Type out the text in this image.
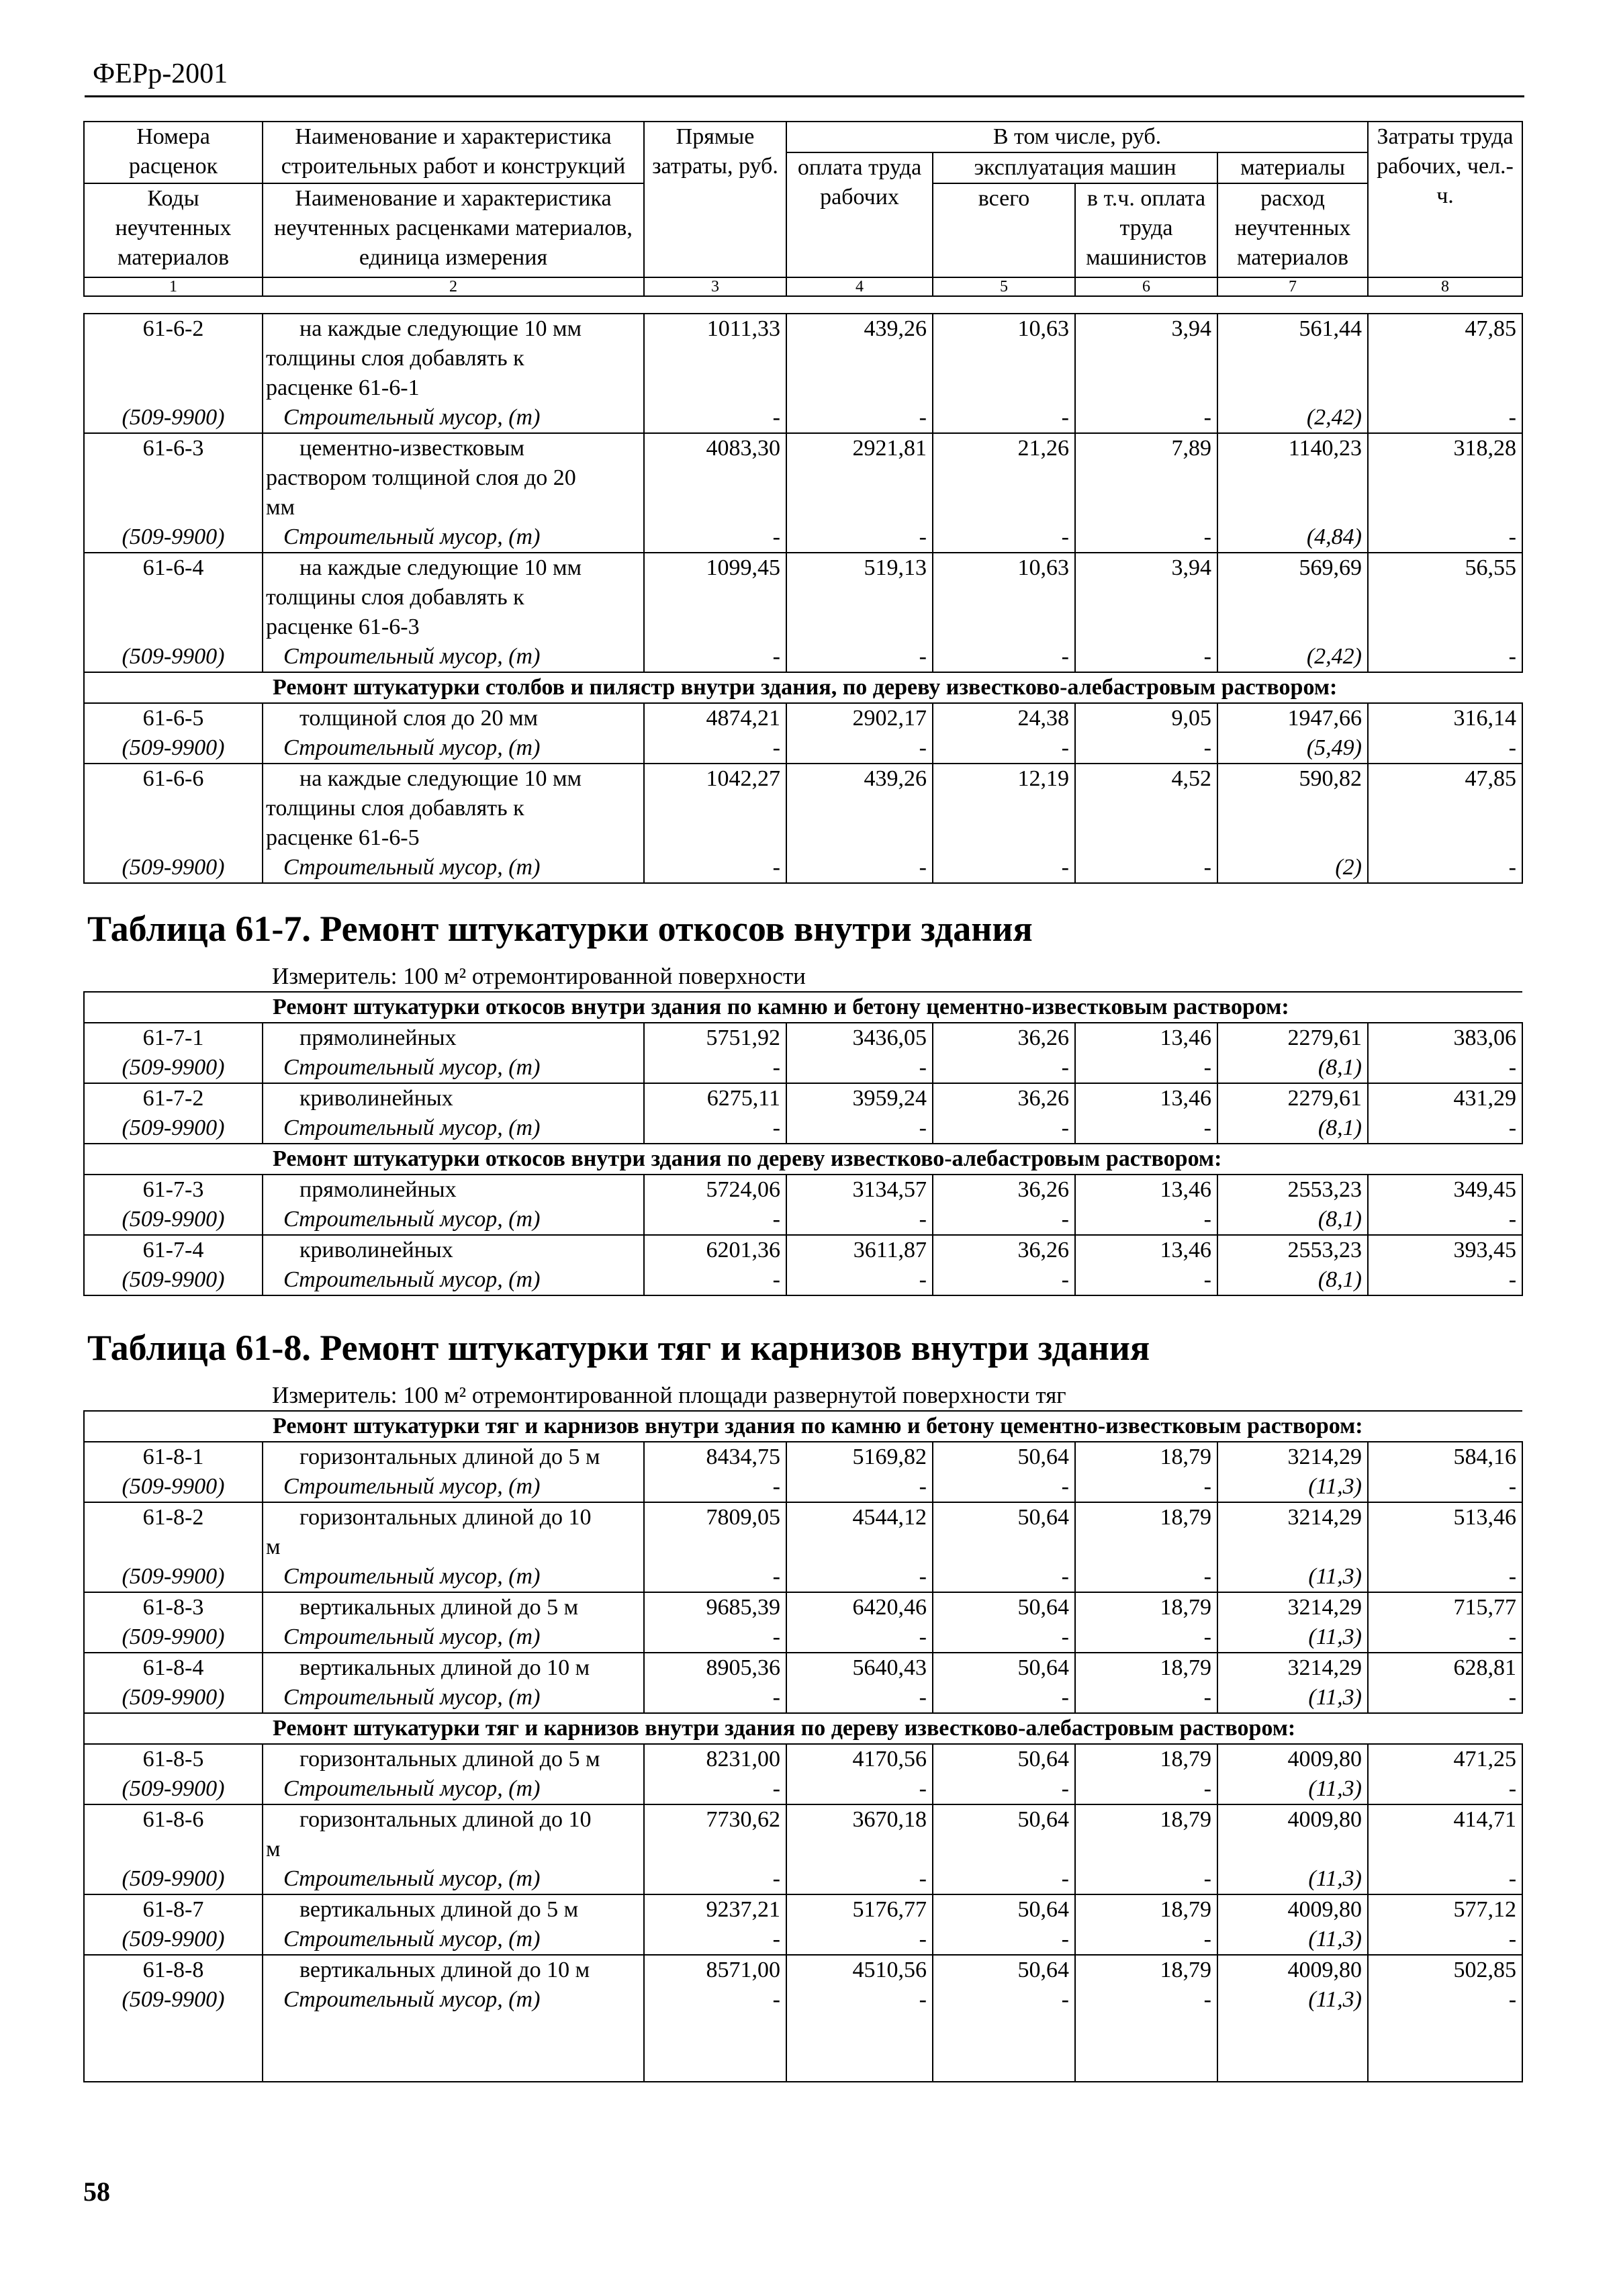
ФЕРр-2001
Номера расценок	Наименование и характеристика строительных работ и конструкций	Прямые затраты, руб.	В том числе, руб.				Затраты труда рабочих, чел.-ч.
			оплата труда рабочих	эксплуатация машин		материалы	
Коды неучтенных материалов	Наименование и характеристика неучтенных расценками материалов, единица измерения			всего	в т.ч. оплата труда машинистов	расход неучтенных материалов	

1	2	3	4	5	6	7	8
61-6-2	на каждые следующие 10 мм	1011,33	439,26	10,63	3,94	561,44	47,85
	толщины слоя добавлять к						
	расценке 61-6-1						
(509-9900)	Строительный мусор, (т)	-	-	-	-	(2,42)	-
61-6-3	цементно-известковым	4083,30	2921,81	21,26	7,89	1140,23	318,28
	раствором толщиной слоя до 20						
	мм						
(509-9900)	Строительный мусор, (т)	-	-	-	-	(4,84)	-
61-6-4	на каждые следующие 10 мм	1099,45	519,13	10,63	3,94	569,69	56,55
	толщины слоя добавлять к						
	расценке 61-6-3						
(509-9900)	Строительный мусор, (т)	-	-	-	-	(2,42)	-
Ремонт штукатурки столбов и пилястр внутри здания, по дереву известково-алебастровым раствором:							
61-6-5	толщиной слоя до 20 мм	4874,21	2902,17	24,38	9,05	1947,66	316,14
(509-9900)	Строительный мусор, (т)	-	-	-	-	(5,49)	-
61-6-6	на каждые следующие 10 мм	1042,27	439,26	12,19	4,52	590,82	47,85
	толщины слоя добавлять к						
	расценке 61-6-5						
(509-9900)	Строительный мусор, (т)	-	-	-	-	(2)	-
Таблица 61-7. Ремонт штукатурки откосов внутри здания
Измеритель: 100 м² отремонтированной поверхности							
Ремонт штукатурки откосов внутри здания по камню и бетону цементно-известковым раствором:							
61-7-1	прямолинейных	5751,92	3436,05	36,26	13,46	2279,61	383,06
(509-9900)	Строительный мусор, (т)	-	-	-	-	(8,1)	-
61-7-2	криволинейных	6275,11	3959,24	36,26	13,46	2279,61	431,29
(509-9900)	Строительный мусор, (т)	-	-	-	-	(8,1)	-
Ремонт штукатурки откосов внутри здания по дереву известково-алебастровым раствором:							
61-7-3	прямолинейных	5724,06	3134,57	36,26	13,46	2553,23	349,45
(509-9900)	Строительный мусор, (т)	-	-	-	-	(8,1)	-
61-7-4	криволинейных	6201,36	3611,87	36,26	13,46	2553,23	393,45
(509-9900)	Строительный мусор, (т)	-	-	-	-	(8,1)	-
Таблица 61-8. Ремонт штукатурки тяг и карнизов внутри здания
Измеритель: 100 м² отремонтированной площади развернутой поверхности тяг							
Ремонт штукатурки тяг и карнизов внутри здания по камню и бетону цементно-известковым раствором:							
61-8-1	горизонтальных длиной до 5 м	8434,75	5169,82	50,64	18,79	3214,29	584,16
(509-9900)	Строительный мусор, (т)	-	-	-	-	(11,3)	-
61-8-2	горизонтальных длиной до 10	7809,05	4544,12	50,64	18,79	3214,29	513,46
	м						
(509-9900)	Строительный мусор, (т)	-	-	-	-	(11,3)	-
61-8-3	вертикальных длиной до 5 м	9685,39	6420,46	50,64	18,79	3214,29	715,77
(509-9900)	Строительный мусор, (т)	-	-	-	-	(11,3)	-
61-8-4	вертикальных длиной до 10 м	8905,36	5640,43	50,64	18,79	3214,29	628,81
(509-9900)	Строительный мусор, (т)	-	-	-	-	(11,3)	-
Ремонт штукатурки тяг и карнизов внутри здания по дереву известково-алебастровым раствором:							
61-8-5	горизонтальных длиной до 5 м	8231,00	4170,56	50,64	18,79	4009,80	471,25
(509-9900)	Строительный мусор, (т)	-	-	-	-	(11,3)	-
61-8-6	горизонтальных длиной до 10	7730,62	3670,18	50,64	18,79	4009,80	414,71
	м						
(509-9900)	Строительный мусор, (т)	-	-	-	-	(11,3)	-
61-8-7	вертикальных длиной до 5 м	9237,21	5176,77	50,64	18,79	4009,80	577,12
(509-9900)	Строительный мусор, (т)	-	-	-	-	(11,3)	-
61-8-8	вертикальных длиной до 10 м	8571,00	4510,56	50,64	18,79	4009,80	502,85
(509-9900)	Строительный мусор, (т)	-	-	-	-	(11,3)	-

58
